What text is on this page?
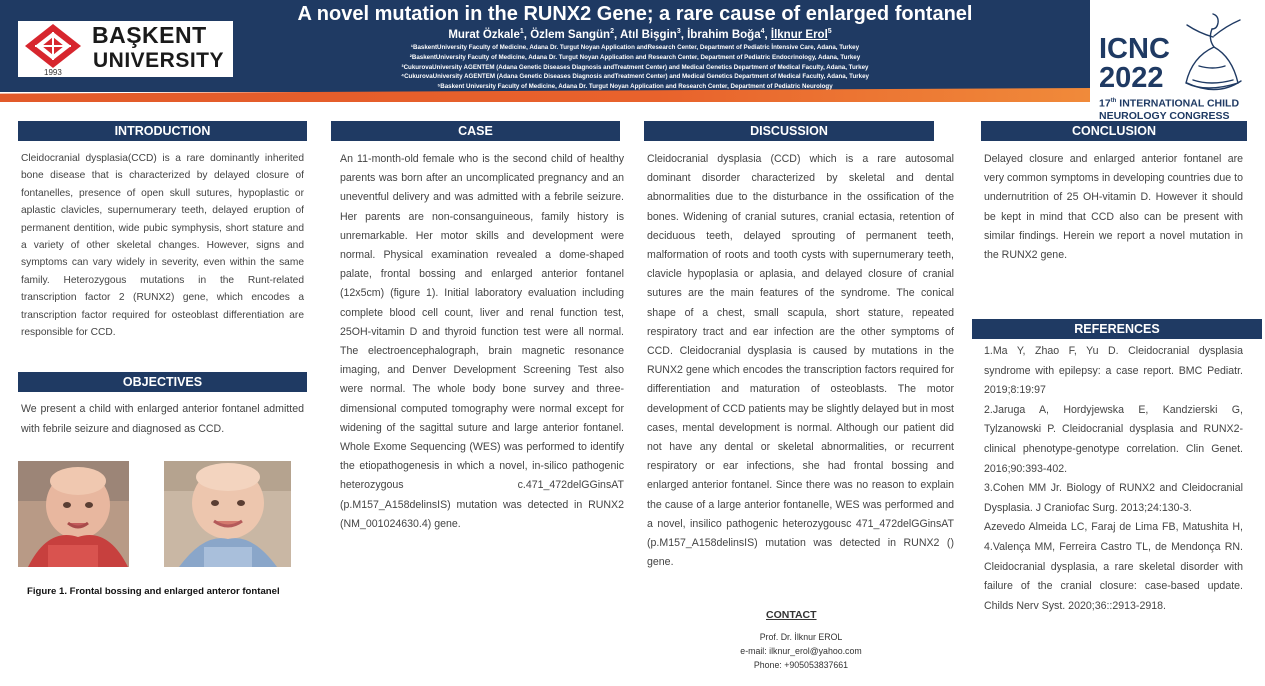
BAŞKENT
UNIVERSITY
1993
A novel mutation in the RUNX2 Gene; a rare cause of enlarged fontanel
Murat Özkale$^1$, Özlem Sangün$^2$, Atıl Bişgin$^3$, İbrahim Boğa$^4$, İlknur Erol$^5$
¹BaskentUniversity Faculty of Medicine, Adana Dr. Turgut Noyan Application andResearch Center, Department of Pediatric İntensive Care, Adana, Turkey
²BaskentUniversity Faculty of Medicine, Adana Dr. Turgut Noyan Application and Research Center, Department of Pediatric Endocrinology, Adana, Turkey
³CukurovaUniversity AGENTEM (Adana Genetic Diseases Diagnosis andTreatment Center) and Medical Genetics Department of Medical Faculty, Adana, Turkey
⁴CukurovaUniversity AGENTEM (Adana Genetic Diseases Diagnosis andTreatment Center) and Medical Genetics Department of Medical Faculty, Adana, Turkey
⁵Baskent University Faculty of Medicine, Adana Dr. Turgut Noyan Application and Research Center, Department of Pediatric Neurology
ICNC
2022
17th INTERNATIONAL CHILD
NEUROLOGY CONGRESS
INTRODUCTION
Cleidocranial dysplasia(CCD) is a rare dominantly inherited bone disease that is characterized by delayed closure of fontanelles, presence of open skull sutures, hypoplastic or aplastic clavicles, supernumerary teeth, delayed eruption of permanent dentition, wide pubic symphysis, short stature and a variety of other skeletal changes. However, signs and symptoms can vary widely in severity, even within the same family. Heterozygous mutations in the Runt-related transcription factor 2 (RUNX2) gene, which encodes a transcription factor required for osteoblast differentiation are responsible for CCD.
OBJECTIVES
We present a child with enlarged anterior fontanel admitted with febrile seizure and diagnosed as CCD.
Figure 1. Frontal bossing and enlarged anteror fontanel
CASE
An 11-month-old female who is the second child of healthy parents was born after an uncomplicated pregnancy and an uneventful delivery and was admitted with a febrile seizure. Her parents are non-consanguineous, family history is unremarkable. Her motor skills and development were normal. Physical examination revealed a dome-shaped palate, frontal bossing and enlarged anterior fontanel (12x5cm) (figure 1). Initial laboratory evaluation including complete blood cell count, liver and renal function test, 25OH-vitamin D and thyroid function test were all normal. The electroencephalograph, brain magnetic resonance imaging, and Denver Development Screening Test also were normal. The whole body bone survey and three-dimensional computed tomography were normal except for widening of the sagittal suture and large anterior fontanel. Whole Exome Sequencing (WES) was performed to identify the etiopathogenesis in which a novel, in-silico pathogenic heterozygous c.471_472delGGinsAT (p.M157_A158delinsIS) mutation was detected in RUNX2 (NM_001024630.4) gene.
DISCUSSION
Cleidocranial dysplasia (CCD) which is a rare autosomal dominant disorder characterized by skeletal and dental abnormalities due to the disturbance in the ossification of the bones. Widening of cranial sutures, cranial ectasia, retention of deciduous teeth, delayed sprouting of permanent teeth, malformation of roots and tooth cysts with supernumerary teeth, clavicle hypoplasia or aplasia, and delayed closure of cranial sutures are the main features of the syndrome. The conical shape of a chest, small scapula, short stature, repeated respiratory tract and ear infection are the other symptoms of CCD. Cleidocranial dysplasia is caused by mutations in the RUNX2 gene which encodes the transcription factors required for differentiation and maturation of osteoblasts. The motor development of CCD patients may be slightly delayed but in most cases, mental development is normal. Although our patient did not have any dental or skeletal abnormalities, or recurrent respiratory or ear infections, she had frontal bossing and enlarged anterior fontanel. Since there was no reason to explain the cause of a large anterior fontanelle, WES was performed and a novel, insilico pathogenic heterozygousc 471_472delGGinsAT (p.M157_A158delinsIS) mutation was detected in RUNX2 () gene.
CONTACT
Prof. Dr. İlknur EROL
e-mail: ilknur_erol@yahoo.com
Phone: +905053837661
CONCLUSION
Delayed closure and enlarged anterior fontanel are very common symptoms in developing countries due to undernutrition of 25 OH-vitamin D. However it should be kept in mind that CCD also can be present with similar findings. Herein we report a novel mutation in the RUNX2 gene.
REFERENCES

1.Ma Y, Zhao F, Yu D. Cleidocranial dysplasia syndrome with epilepsy: a case report. BMC Pediatr. 2019;8:19:97

2.Jaruga A, Hordyjewska E, Kandzierski G, Tylzanowski P. Cleidocranial dysplasia and RUNX2-clinical phenotype-genotype correlation. Clin Genet. 2016;90:393-402.

3.Cohen MM Jr. Biology of RUNX2 and Cleidocranial Dysplasia. J Craniofac Surg. 2013;24:130-3.

Azevedo Almeida LC, Faraj de Lima FB, Matushita H, 4.Valença MM, Ferreira Castro TL, de Mendonça RN. Cleidocranial dysplasia, a rare skeletal disorder with failure of the cranial closure: case-based update. Childs Nerv Syst. 2020;36::2913-2918.
